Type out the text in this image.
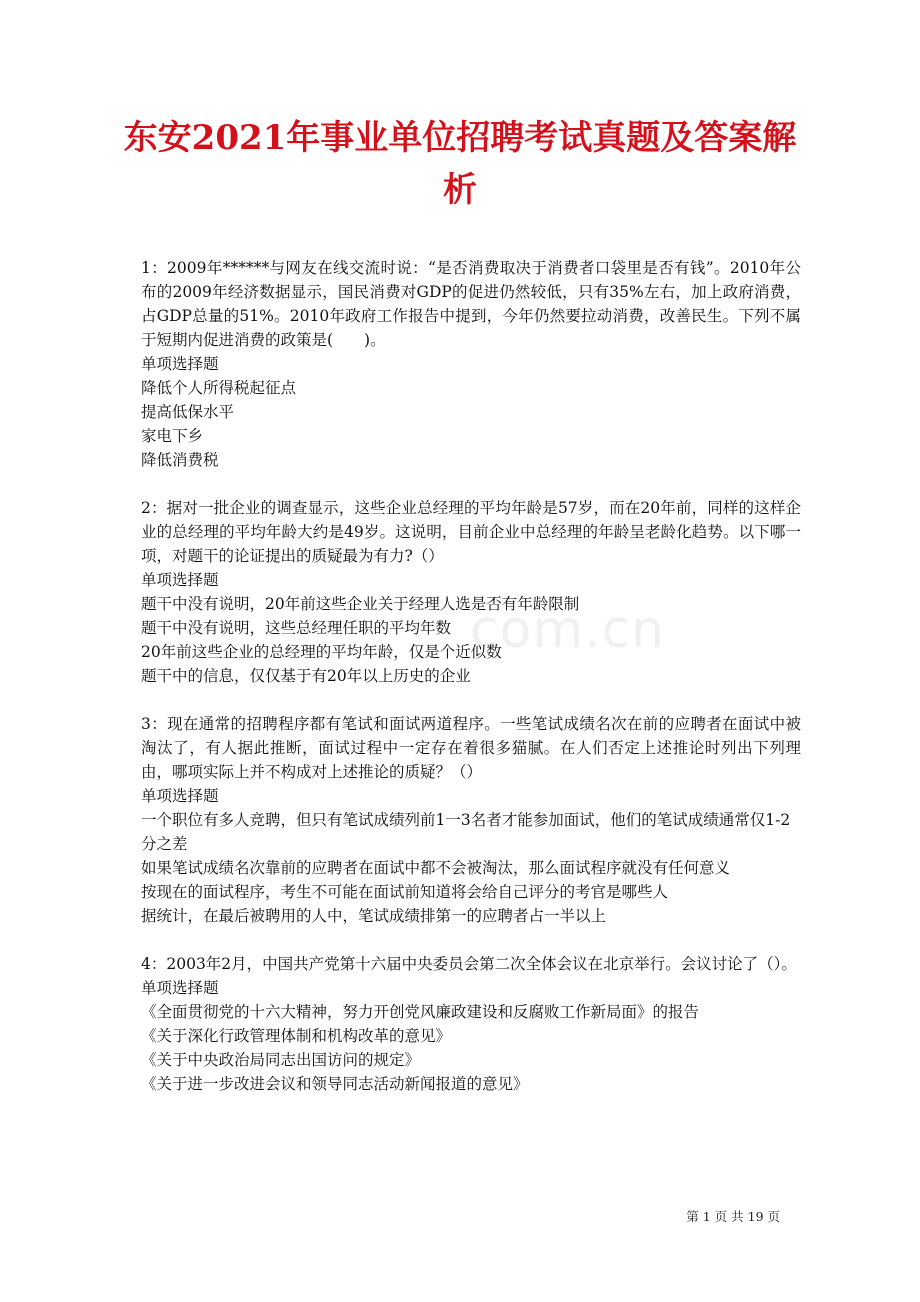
东安2021年事业单位招聘考试真题及答案解析
com.cn

1：2009年******与网友在线交流时说：“是否消费取决于消费者口袋里是否有钱”。2010年公布的2009年经济数据显示，国民消费对GDP的促进仍然较低，只有35%左右，加上政府消费，占GDP总量的51%。2010年政府工作报告中提到，今年仍然要拉动消费，改善民生。下列不属于短期内促进消费的政策是(　　)。

单项选择题

降低个人所得税起征点

提高低保水平

家电下乡

降低消费税

2：据对一批企业的调查显示，这些企业总经理的平均年龄是57岁，而在20年前，同样的这样企业的总经理的平均年龄大约是49岁。这说明，目前企业中总经理的年龄呈老龄化趋势。以下哪一项，对题干的论证提出的质疑最为有力?（）

单项选择题

题干中没有说明，20年前这些企业关于经理人选是否有年龄限制

题干中没有说明，这些总经理任职的平均年数

20年前这些企业的总经理的平均年龄，仅是个近似数

题干中的信息，仅仅基于有20年以上历史的企业

3：现在通常的招聘程序都有笔试和面试两道程序。一些笔试成绩名次在前的应聘者在面试中被淘汰了，有人据此推断，面试过程中一定存在着很多猫腻。在人们否定上述推论时列出下列理由，哪项实际上并不构成对上述推论的质疑？（）

单项选择题

一个职位有多人竞聘，但只有笔试成绩列前1一3名者才能参加面试，他们的笔试成绩通常仅1-2分之差

如果笔试成绩名次靠前的应聘者在面试中都不会被淘汰，那么面试程序就没有任何意义

按现在的面试程序，考生不可能在面试前知道将会给自己评分的考官是哪些人

据统计，在最后被聘用的人中，笔试成绩排第一的应聘者占一半以上

4：2003年2月，中国共产党第十六届中央委员会第二次全体会议在北京举行。会议讨论了（）。

单项选择题

《全面贯彻党的十六大精神，努力开创党风廉政建设和反腐败工作新局面》的报告

《关于深化行政管理体制和机构改革的意见》

《关于中央政治局同志出国访问的规定》

《关于进一步改进会议和领导同志活动新闻报道的意见》

第 1 页 共 19 页
